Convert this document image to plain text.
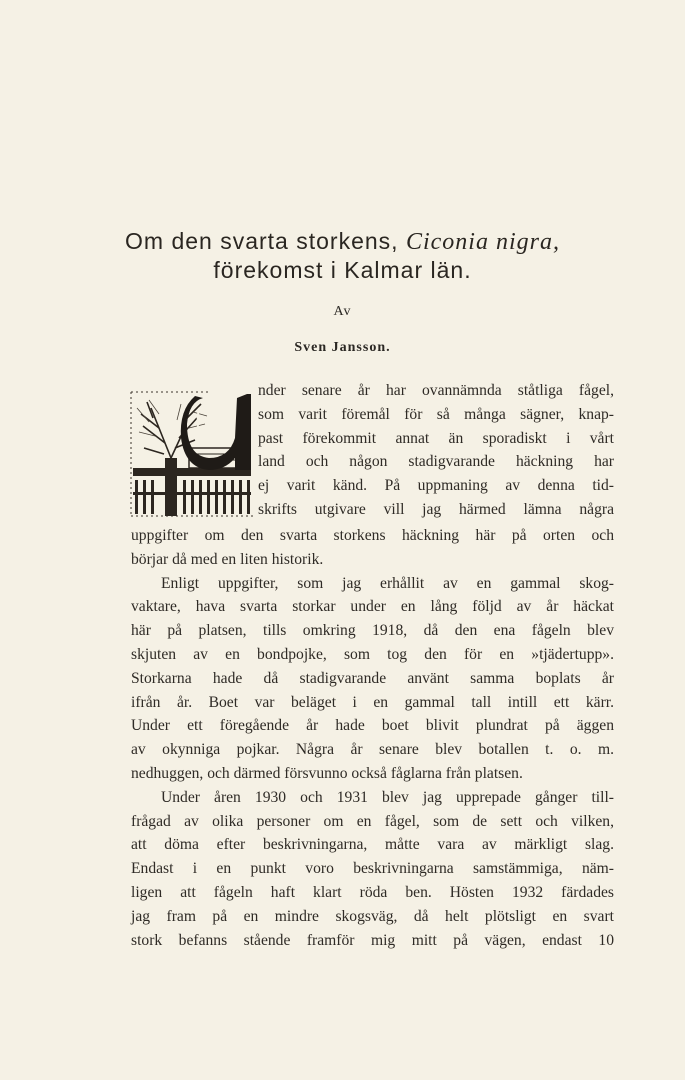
Om den svarta storkens, Ciconia nigra,
förekomst i Kalmar län.
Av
Sven Jansson.
nder senare år har ovannämnda ståtliga fågel,
som varit föremål för så många sägner, knap-
past förekommit annat än sporadiskt i vårt
land och någon stadigvarande häckning har
ej varit känd. På uppmaning av denna tid-
skrifts utgivare vill jag härmed lämna några
uppgifter om den svarta storkens häckning här på orten och
börjar då med en liten historik.
Enligt uppgifter, som jag erhållit av en gammal skog-
vaktare, hava svarta storkar under en lång följd av år häckat
här på platsen, tills omkring 1918, då den ena fågeln blev
skjuten av en bondpojke, som tog den för en »tjädertupp».
Storkarna hade då stadigvarande använt samma boplats år
ifrån år. Boet var beläget i en gammal tall intill ett kärr.
Under ett föregående år hade boet blivit plundrat på äggen
av okynniga pojkar. Några år senare blev botallen t. o. m.
nedhuggen, och därmed försvunno också fåglarna från platsen.
Under åren 1930 och 1931 blev jag upprepade gånger till-
frågad av olika personer om en fågel, som de sett och vilken,
att döma efter beskrivningarna, måtte vara av märkligt slag.
Endast i en punkt voro beskrivningarna samstämmiga, näm-
ligen att fågeln haft klart röda ben. Hösten 1932 färdades
jag fram på en mindre skogsväg, då helt plötsligt en svart
stork befanns stående framför mig mitt på vägen, endast 10
